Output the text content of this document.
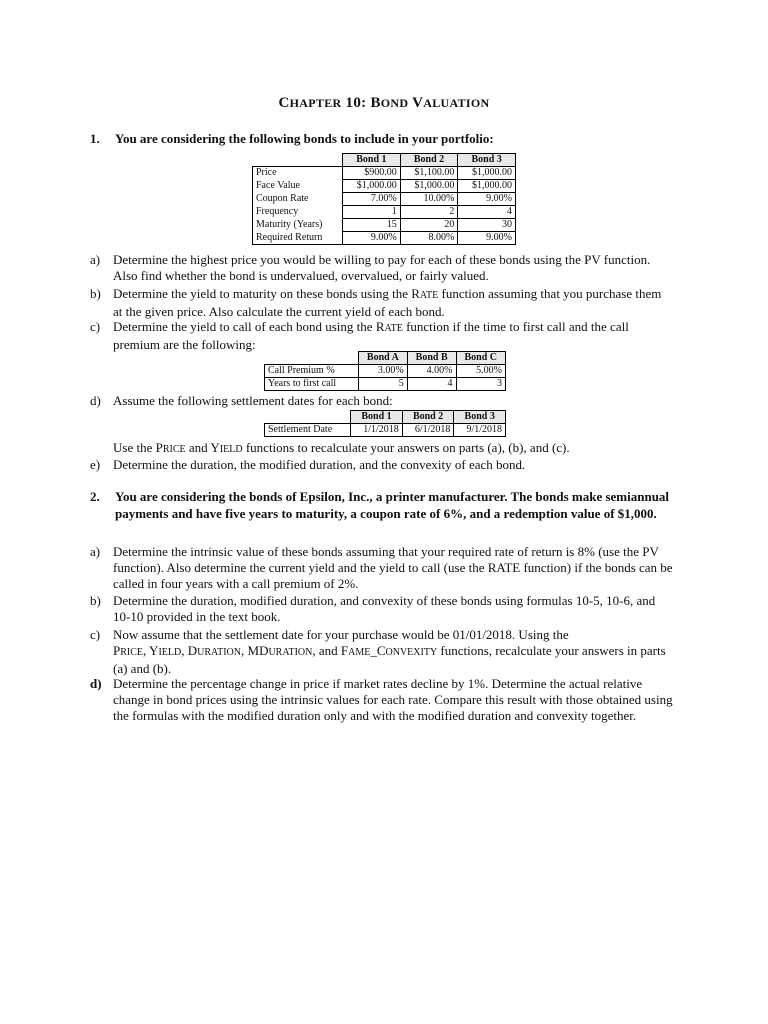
CHAPTER 10: BOND VALUATION
1. You are considering the following bonds to include in your portfolio:
	Bond 1	Bond 2	Bond 3
Price	$900.00	$1,100.00	$1,000.00
Face Value	$1,000.00	$1,000.00	$1,000.00
Coupon Rate	7.00%	10.00%	9.00%
Frequency	1	2	4
Maturity (Years)	15	20	30
Required Return	9.00%	8.00%	9.00%
a) Determine the highest price you would be willing to pay for each of these bonds using the PV function. Also find whether the bond is undervalued, overvalued, or fairly valued.
b) Determine the yield to maturity on these bonds using the RATE function assuming that you purchase them at the given price. Also calculate the current yield of each bond.
c) Determine the yield to call of each bond using the RATE function if the time to first call and the call premium are the following:
	Bond A	Bond B	Bond C
Call Premium %	3.00%	4.00%	5.00%
Years to first call	5	4	3
d) Assume the following settlement dates for each bond:
	Bond 1	Bond 2	Bond 3
Settlement Date	1/1/2018	6/1/2018	9/1/2018
Use the PRICE and YIELD functions to recalculate your answers on parts (a), (b), and (c).
e) Determine the duration, the modified duration, and the convexity of each bond.
2. You are considering the bonds of Epsilon, Inc., a printer manufacturer. The bonds make semiannual payments and have five years to maturity, a coupon rate of 6%, and a redemption value of $1,000.
a) Determine the intrinsic value of these bonds assuming that your required rate of return is 8% (use the PV function). Also determine the current yield and the yield to call (use the RATE function) if the bonds can be called in four years with a call premium of 2%.
b) Determine the duration, modified duration, and convexity of these bonds using formulas 10-5, 10-6, and 10-10 provided in the text book.
c) Now assume that the settlement date for your purchase would be 01/01/2018. Using the PRICE, YIELD, DURATION, MDURATION, and FAME_CONVEXITY functions, recalculate your answers in parts (a) and (b).
d) Determine the percentage change in price if market rates decline by 1%. Determine the actual relative change in bond prices using the intrinsic values for each rate. Compare this result with those obtained using the formulas with the modified duration only and with the modified duration and convexity together.
